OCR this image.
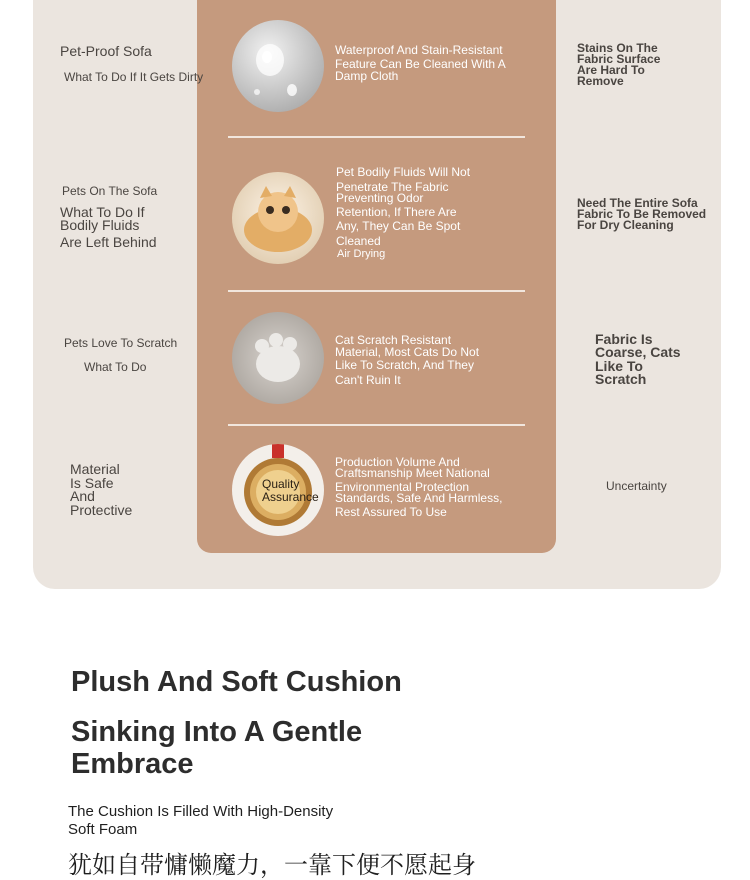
Pet-Proof Sofa
What To Do If It Gets Dirty
Pets On The Sofa
What To Do If
Bodily Fluids
Are Left Behind
Pets Love To Scratch
What To Do
Material
Is Safe
And
Protective
Quality
Assurance
Waterproof And Stain-Resistant
Feature Can Be Cleaned With A
Damp Cloth
Pet Bodily Fluids Will Not
Penetrate The Fabric
Preventing Odor
Retention, If There Are
Any, They Can Be Spot
Cleaned
Air Drying
Cat Scratch Resistant
Material, Most Cats Do Not
Like To Scratch, And They
Can't Ruin It
Production Volume And
Craftsmanship Meet National
Environmental Protection
Standards, Safe And Harmless,
Rest Assured To Use
Stains On The
Fabric Surface
Are Hard To
Remove
Need The Entire Sofa
Fabric To Be Removed
For Dry Cleaning
Fabric Is
Coarse, Cats
Like To
Scratch
Uncertainty
Plush And Soft Cushion
Sinking Into A Gentle
Embrace
The Cushion Is Filled With High-Density
Soft Foam
犹如自带慵懒魔力，一靠下便不愿起身
